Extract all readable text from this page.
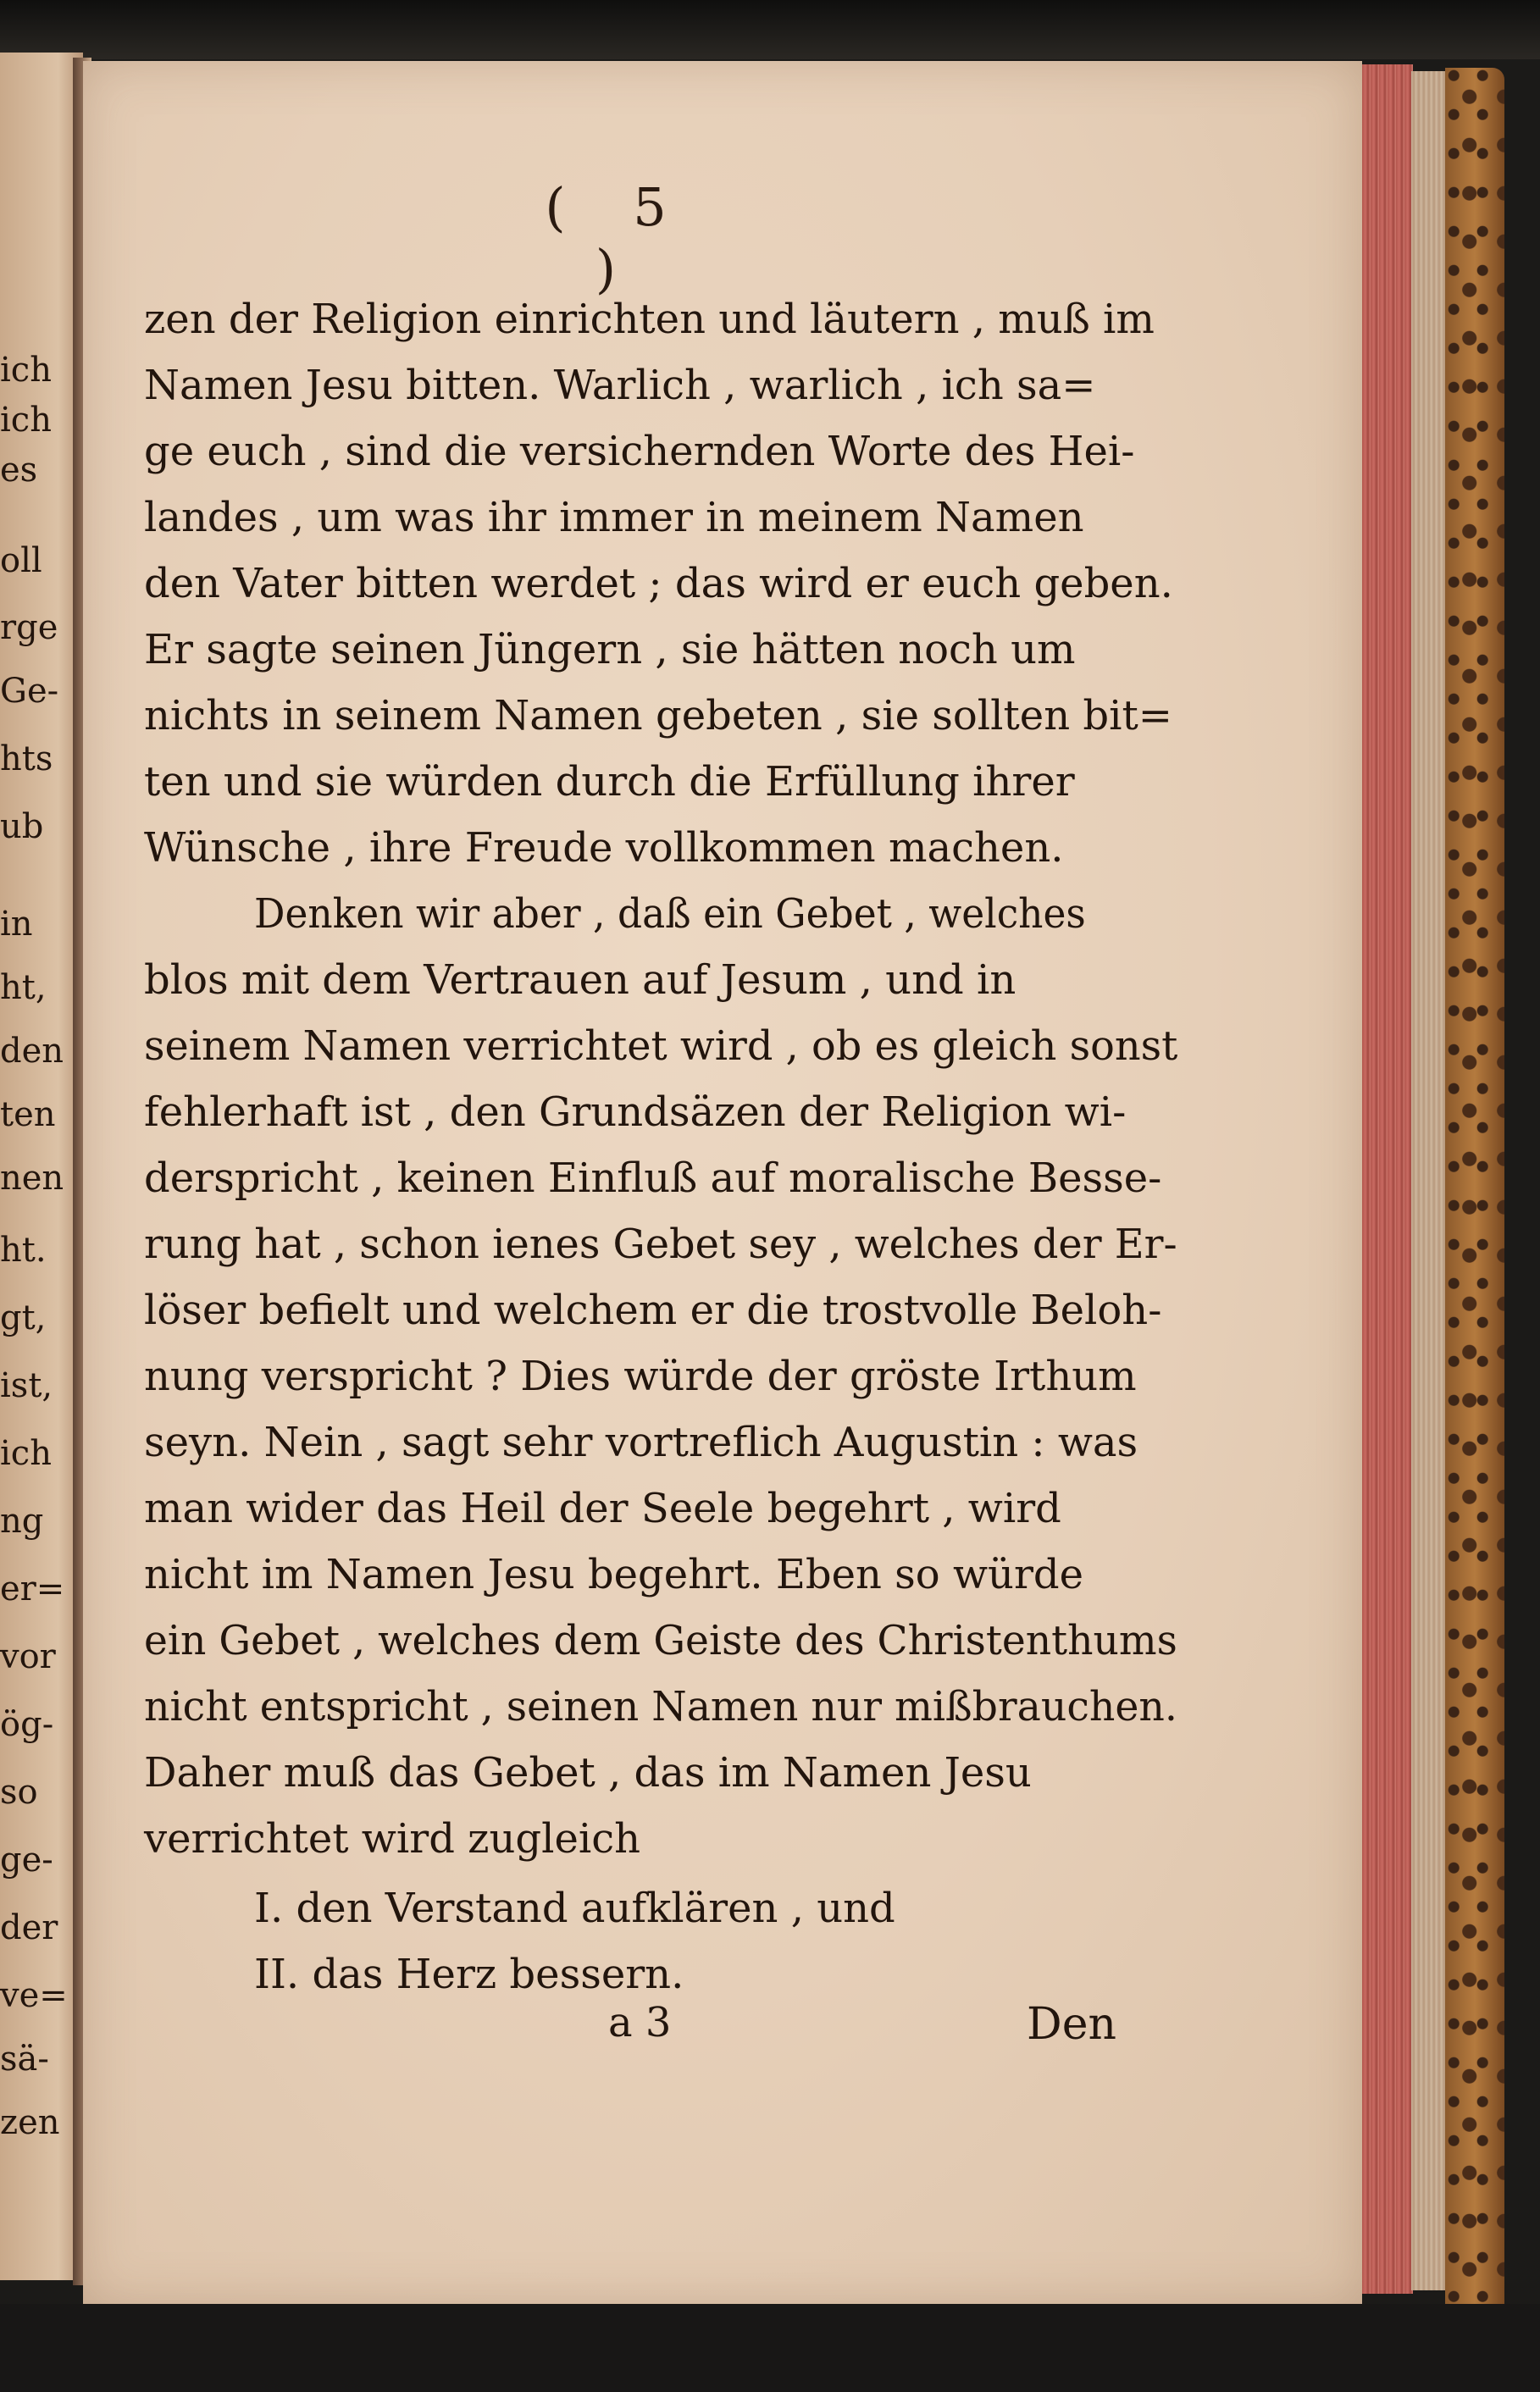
ich
ich
es
oll
rge
Ge-
hts
ub
in
ht,
den
ten
nen
ht.
gt,
ist,
ich
ng
er=
vor
ög-
so
ge-
der
ve=
sä-
zen
( 5 )
zen der Religion einrichten und läutern , muß im
Namen Jesu bitten. Warlich , warlich , ich sa=
ge euch , sind die versichernden Worte des Hei-
landes , um was ihr immer in meinem Namen
den Vater bitten werdet ; das wird er euch geben.
Er sagte seinen Jüngern , sie hätten noch um
nichts in seinem Namen gebeten , sie sollten bit=
ten und sie würden durch die Erfüllung ihrer
Wünsche , ihre Freude vollkommen machen.
Denken wir aber , daß ein Gebet , welches
blos mit dem Vertrauen auf Jesum , und in
seinem Namen verrichtet wird , ob es gleich sonst
fehlerhaft ist , den Grundsäzen der Religion wi-
derspricht , keinen Einfluß auf moralische Besse-
rung hat , schon ienes Gebet sey , welches der Er-
löser befielt und welchem er die trostvolle Beloh-
nung verspricht ? Dies würde der gröste Irthum
seyn. Nein , sagt sehr vortreflich Augustin : was
man wider das Heil der Seele begehrt , wird
nicht im Namen Jesu begehrt. Eben so würde
ein Gebet , welches dem Geiste des Christenthums
nicht entspricht , seinen Namen nur mißbrauchen.
Daher muß das Gebet , das im Namen Jesu
verrichtet wird zugleich
I. den Verstand aufklären , und
II. das Herz bessern.
a 3	Den
